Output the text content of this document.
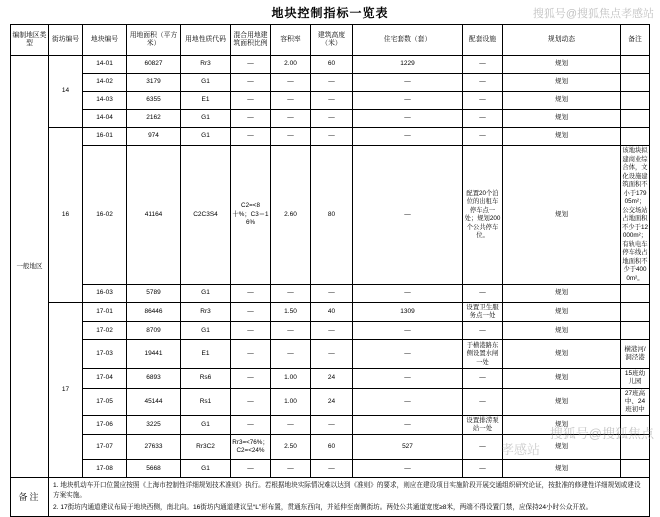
搜狐号@搜狐焦点孝感站
地块控制指标一览表
编制地区类型	街坊编号	地块编号	用地面积（平方米）	用地性质代码	混合用地建筑面积比例	容积率	建筑高度（米）	住宅套数（套）	配套设施	规划动态	备注
一般地区	14	14-01	60827	Rr3	—	2.00	60	1229	—	规划	
		14-02	3179	G1	—	—	—	—	—	规划	
		14-03	6355	E1	—	—	—	—	—	规划	
		14-04	2162	G1	—	—	—	—	—	规划	
	16	16-01	974	G1	—	—	—	—	—	规划	
		16-02	41164	C2C3S4	C2=<8十%；C3＝16%	2.60	80	—	配置20个泊位的出租车停车点一处；规划200个公共停车位。	规划	该地块拟建商业综合体，文化设施建筑面积不小于17905m²；公交场站占地面积不少于12000m²；有轨电车停车线占地面积不少于4000m²。
		16-03	5789	G1	—	—	—	—	—	规划	
	17	17-01	86446	Rr3	—	1.50	40	1309	设置卫生服务点一处	规划	
		17-02	8709	G1	—	—	—	—	—	规划	
		17-03	19441	E1	—	—	—	—	于横港路东侧设置水闸一处	规划	横港河/洞泾港
		17-04	6893	Rs6	—	1.00	24	—	—	规划	15班幼儿园
		17-05	45144	Rs1	—	1.00	24	—	—	规划	27班高中、24班初中
		17-06	3225	G1	—	—	—	—	设置排涝泵站一处	规划	
		17-07	27633	Rr3C2	Rr3=<76%；C2=<24%	2.50	60	527	—	规划	
		17-08	5668	G1	—	—	—	—	—	规划	
备注
1. 地块机动车开口位置应按照《上海市控制性详细规划技术准则》执行。若根据地块实际情况难以达到《准则》的要求，则应在建设项目实施阶段开展交通组织研究论证，按批准的修建性详细规划或建设方案实施。
2. 17街坊内通道建议布局于地块西侧，南北向。16街坊内通道建议呈“L”形布置，贯通东西向，并延伸至南侧街坊。两处公共通道宽度≥8米，两端不得设置门禁，应保持24小时公众开放。
搜狐号@搜狐焦点
孝感站
